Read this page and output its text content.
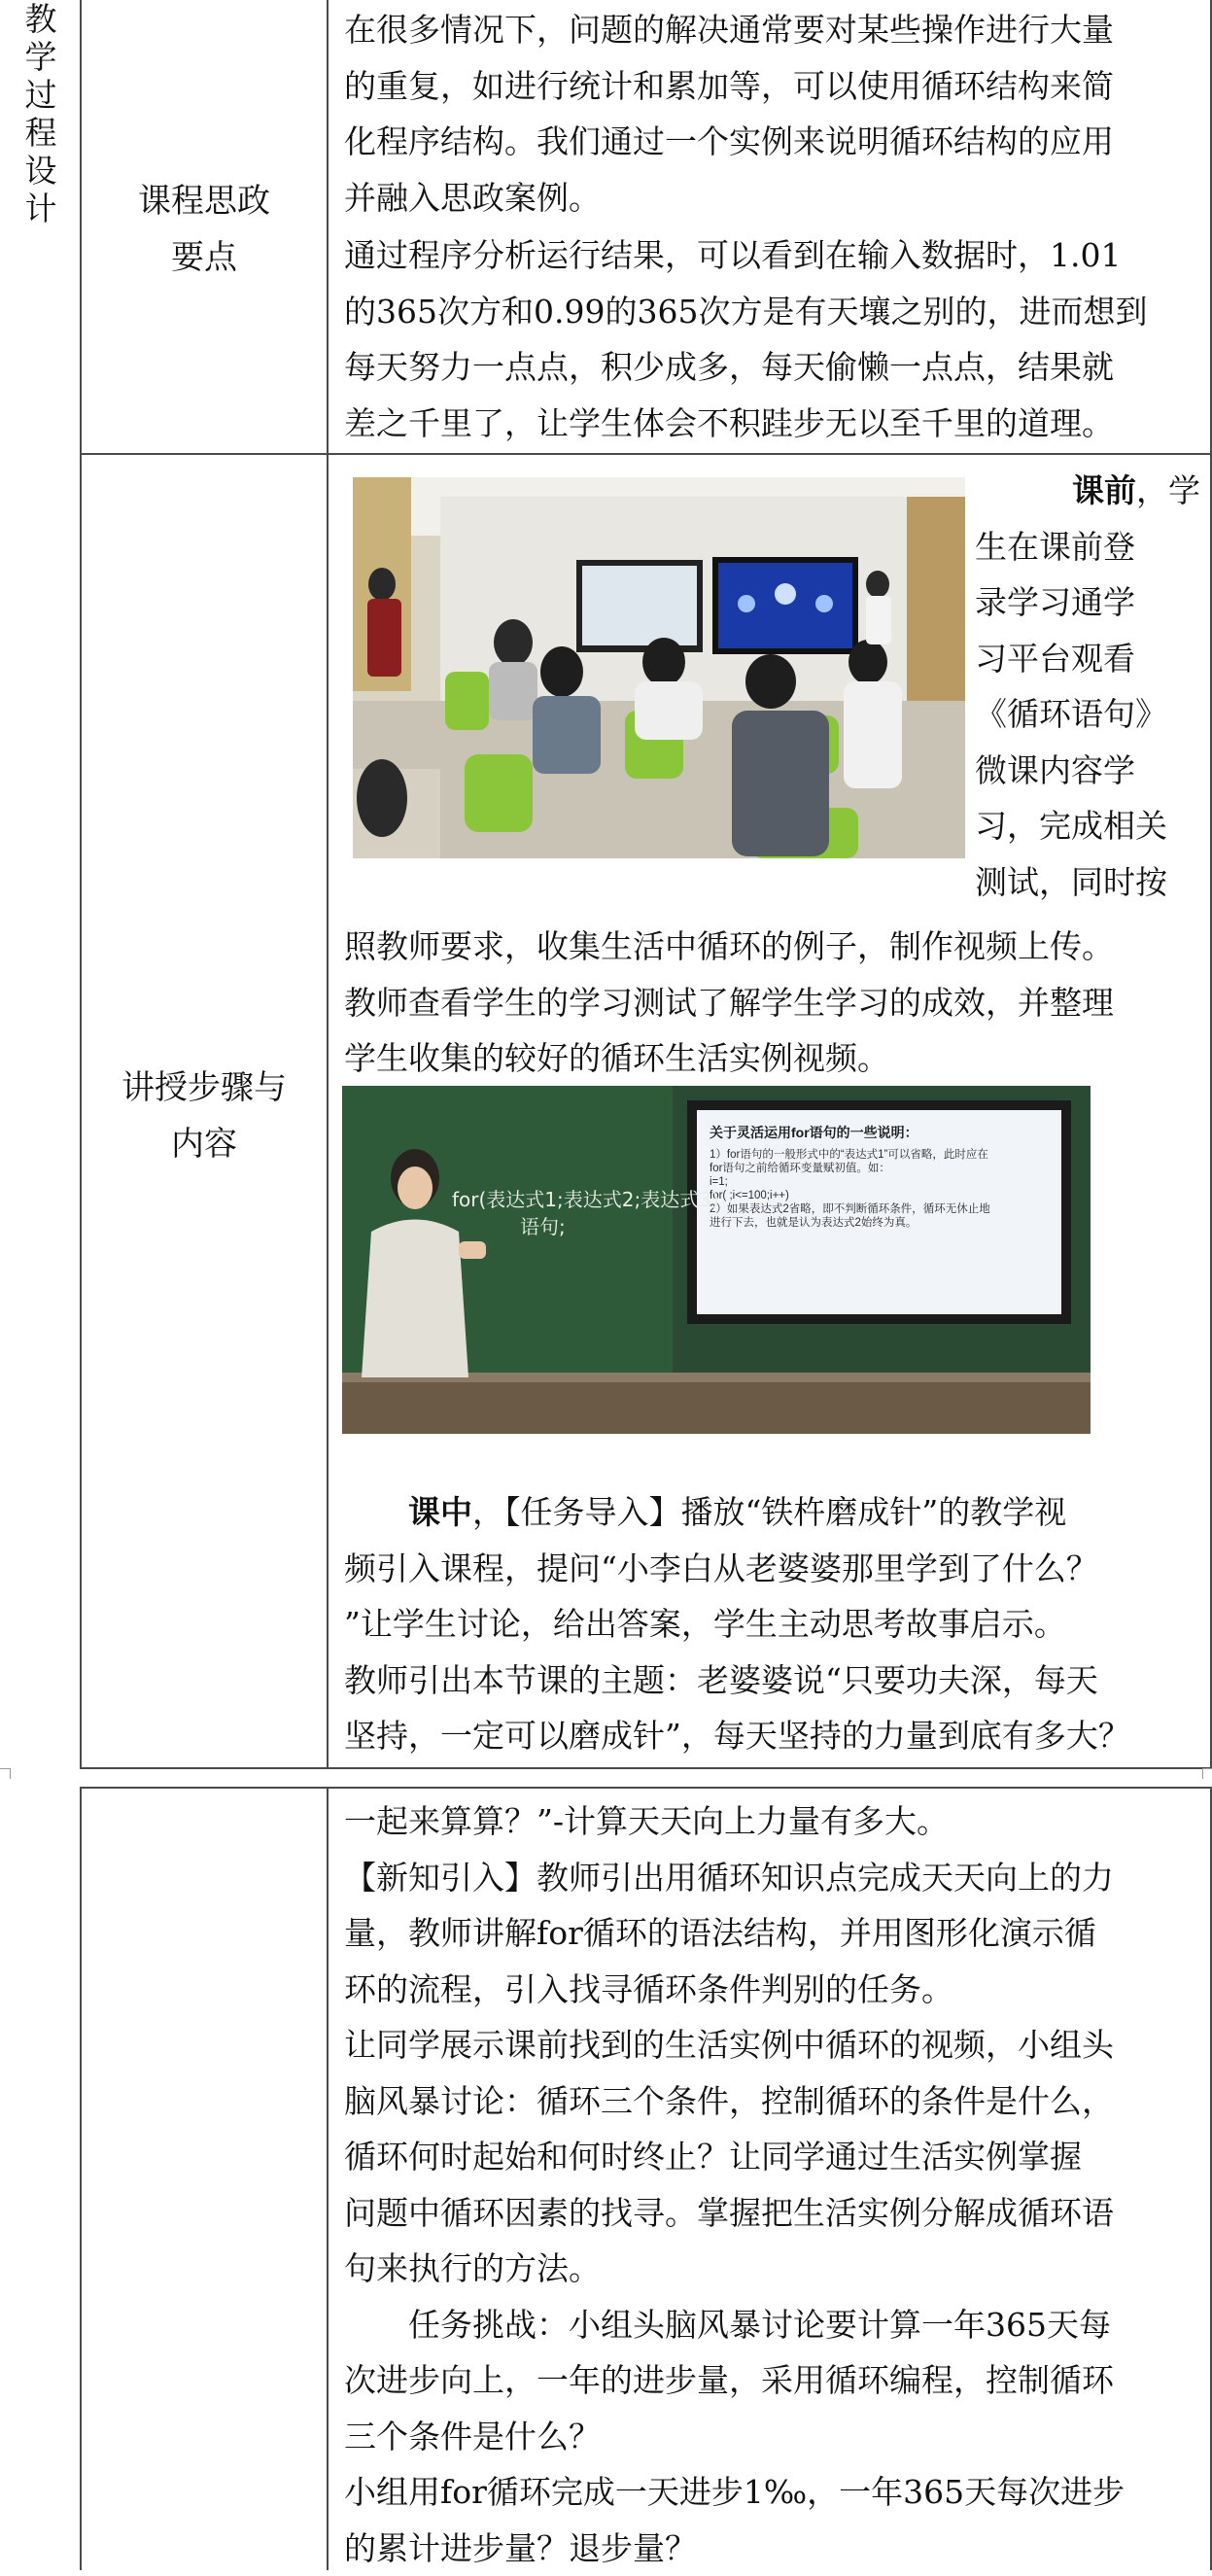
教
学
过
程
设
计	课程思政
要点
在很多情况下，问题的解决通常要对某些操作进行大量
的重复，如进行统计和累加等，可以使用循环结构来简
化程序结构。我们通过一个实例来说明循环结构的应用
并融入思政案例。
通过程序分析运行结果，可以看到在输入数据时，1.01
的365次方和0.99的365次方是有天壤之别的，进而想到
每天努力一点点，积少成多，每天偷懒一点点，结果就
差之千里了，让学生体会不积跬步无以至千里的道理。
讲授步骤与
内容
课前，学
生在课前登
录学习通学
习平台观看
《循环语句》
微课内容学
习，完成相关
测试，同时按
照教师要求，收集生活中循环的例子，制作视频上传。
教师查看学生的学习测试了解学生学习的成效，并整理
学生收集的较好的循环生活实例视频。
关于灵活运用for语句的一些说明：
1）for语句的一般形式中的“表达式1”可以省略，此时应在
for语句之前给循环变量赋初值。如：
i=1;
for( ;i<=100;i++)
2）如果表达式2省略，即不判断循环条件，循环无休止地
进行下去，也就是认为表达式2始终为真。
for(表达式1;表达式2;表达式3)
语句;
课中，【任务导入】播放“铁杵磨成针”的教学视
频引入课程，提问“小李白从老婆婆那里学到了什么？
”让学生讨论，给出答案，学生主动思考故事启示。
教师引出本节课的主题：老婆婆说“只要功夫深，每天
坚持，一定可以磨成针”，每天坚持的力量到底有多大？
一起来算算？”-计算天天向上力量有多大。
【新知引入】教师引出用循环知识点完成天天向上的力
量，教师讲解for循环的语法结构，并用图形化演示循
环的流程，引入找寻循环条件判别的任务。
让同学展示课前找到的生活实例中循环的视频，小组头
脑风暴讨论：循环三个条件，控制循环的条件是什么，
循环何时起始和何时终止？让同学通过生活实例掌握
问题中循环因素的找寻。掌握把生活实例分解成循环语
句来执行的方法。
任务挑战：小组头脑风暴讨论要计算一年365天每
次进步向上，一年的进步量，采用循环编程，控制循环
三个条件是什么？
小组用for循环完成一天进步1‰，一年365天每次进步
的累计进步量？退步量？
